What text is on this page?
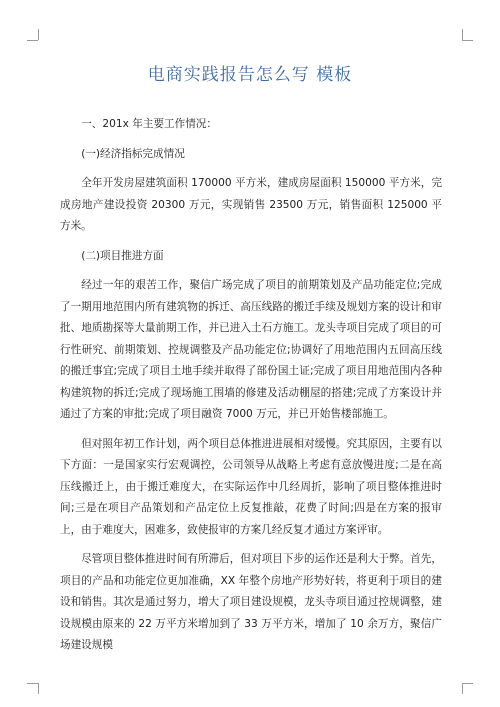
电商实践报告怎么写 模板

一、201x 年主要工作情况：

(一)经济指标完成情况

全年开发房屋建筑面积 170000 平方米，建成房屋面积 150000 平方米，完成房地产建设投资 20300 万元，实现销售 23500 万元，销售面积 125000 平方米。

(二)项目推进方面

经过一年的艰苦工作，聚信广场完成了项目的前期策划及产品功能定位;完成了一期用地范围内所有建筑物的拆迁、高压线路的搬迁手续及规划方案的设计和审批、地质勘探等大量前期工作，并已进入土石方施工。龙头寺项目完成了项目的可行性研究、前期策划、控规调整及产品功能定位;协调好了用地范围内五回高压线的搬迁事宜;完成了项目土地手续并取得了部份国土证;完成了项目用地范围内各种构建筑物的拆迁;完成了现场施工围墙的修建及活动棚屋的搭建;完成了方案设计并通过了方案的审批;完成了项目融资 7000 万元，并已开始售楼部施工。

但对照年初工作计划，两个项目总体推进进展相对缓慢。究其原因，主要有以下方面：一是国家实行宏观调控，公司领导从战略上考虑有意放慢进度;二是在高压线搬迁上，由于搬迁难度大，在实际运作中几经周折，影响了项目整体推进时间;三是在项目产品策划和产品定位上反复推敲，花费了时间;四是在方案的报审上，由于难度大，困难多，致使报审的方案几经反复才通过方案评审。

尽管项目整体推进时间有所滞后，但对项目下步的运作还是利大于弊。首先，项目的产品和功能定位更加准确，XX 年整个房地产形势好转，将更利于项目的建设和销售。其次是通过努力，增大了项目建设规模，龙头寺项目通过控规调整，建设规模由原来的 22 万平方米增加到了 33 万平方米，增加了 10 余万方，聚信广场建设规模
